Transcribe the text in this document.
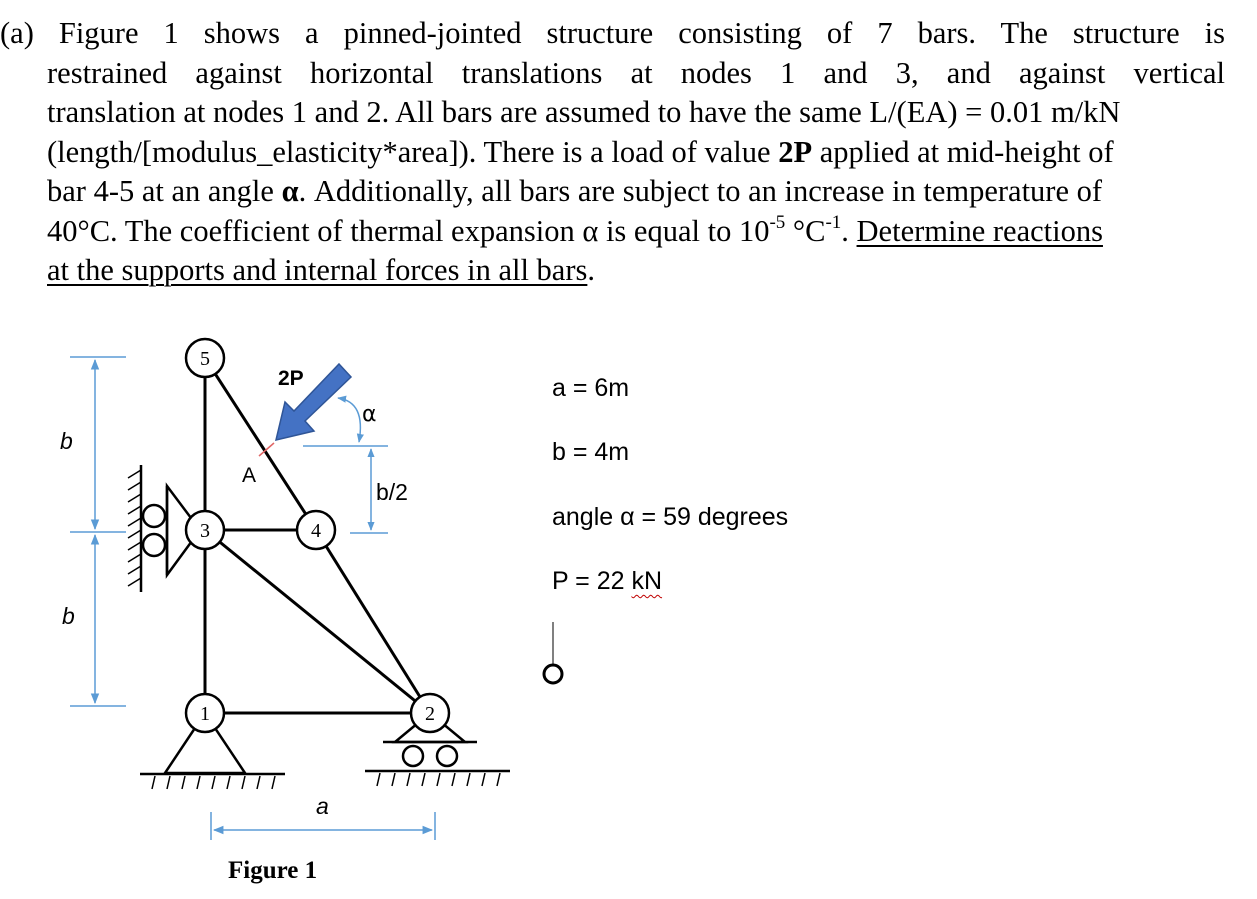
(a) Figure 1 shows a pinned-jointed structure consisting of 7 bars. The structure is
restrained against horizontal translations at nodes 1 and 3, and against vertical
translation at nodes 1 and 2. All bars are assumed to have the same L/(EA) = 0.01 m/kN
(length/[modulus_elasticity*area]). There is a load of value 2P applied at mid-height of
bar 4-5 at an angle α. Additionally, all bars are subject to an increase in temperature of
40°C. The coefficient of thermal expansion α is equal to $10^{-5}$ $^\circ C^{-1}$. Determine reactions
at the supports and internal forces in all bars.
b
b
b/2
a
A
2P
α
5
3	4
1	2
Figure 1
a = 6m
b = 4m
angle α = 59 degrees
P = 22 kN
